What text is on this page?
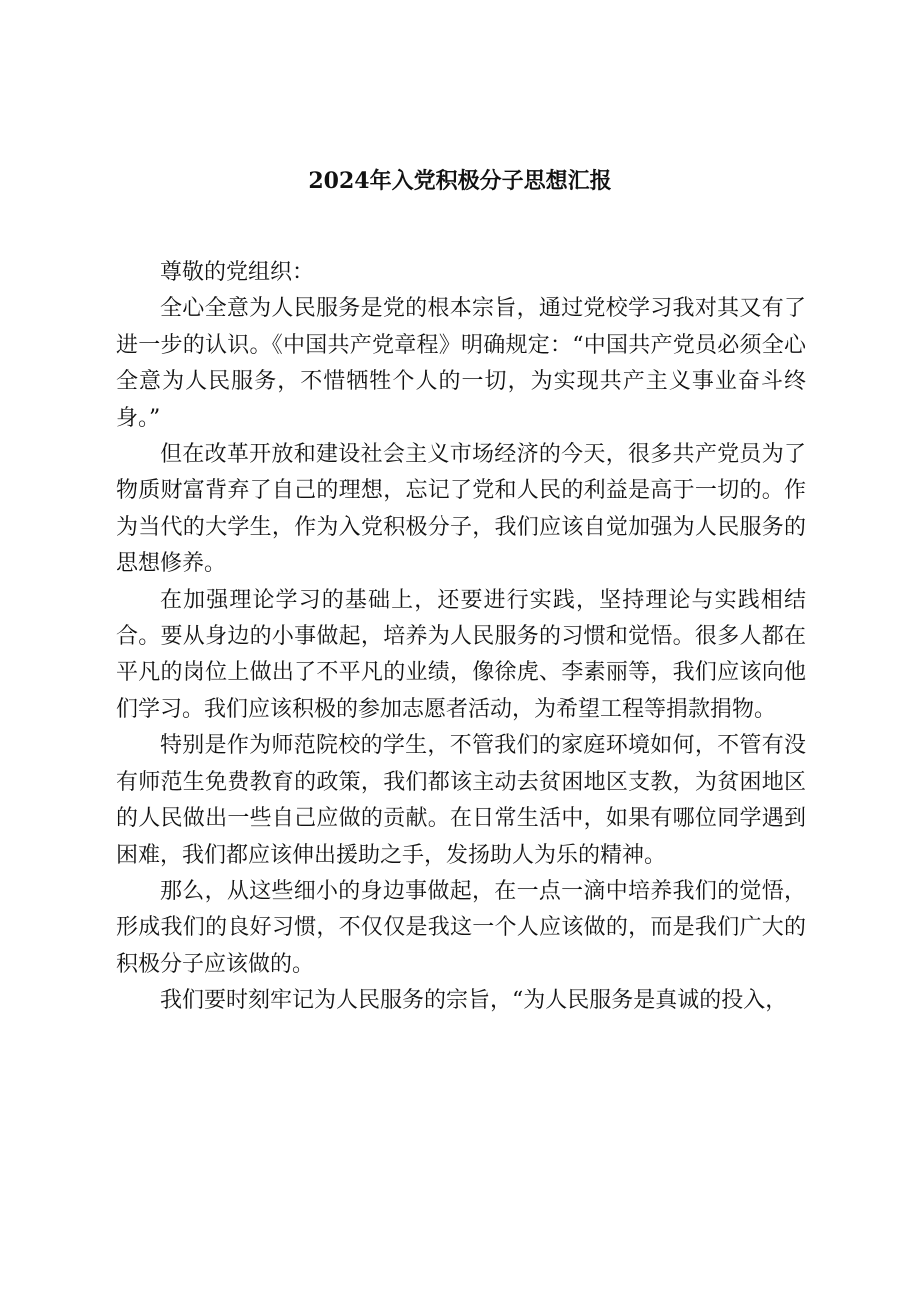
2024年入党积极分子思想汇报

尊敬的党组织：

全心全意为人民服务是党的根本宗旨，通过党校学习我对其又有了进一步的认识。《中国共产党章程》明确规定：“中国共产党员必须全心全意为人民服务，不惜牺牲个人的一切，为实现共产主义事业奋斗终身。”

但在改革开放和建设社会主义市场经济的今天，很多共产党员为了物质财富背弃了自己的理想，忘记了党和人民的利益是高于一切的。作为当代的大学生，作为入党积极分子，我们应该自觉加强为人民服务的思想修养。

在加强理论学习的基础上，还要进行实践，坚持理论与实践相结合。要从身边的小事做起，培养为人民服务的习惯和觉悟。很多人都在平凡的岗位上做出了不平凡的业绩，像徐虎、李素丽等，我们应该向他们学习。我们应该积极的参加志愿者活动，为希望工程等捐款捐物。

特别是作为师范院校的学生，不管我们的家庭环境如何，不管有没有师范生免费教育的政策，我们都该主动去贫困地区支教，为贫困地区的人民做出一些自己应做的贡献。在日常生活中，如果有哪位同学遇到困难，我们都应该伸出援助之手，发扬助人为乐的精神。

那么，从这些细小的身边事做起，在一点一滴中培养我们的觉悟，形成我们的良好习惯，不仅仅是我这一个人应该做的，而是我们广大的积极分子应该做的。

我们要时刻牢记为人民服务的宗旨，“为人民服务是真诚的投入，
